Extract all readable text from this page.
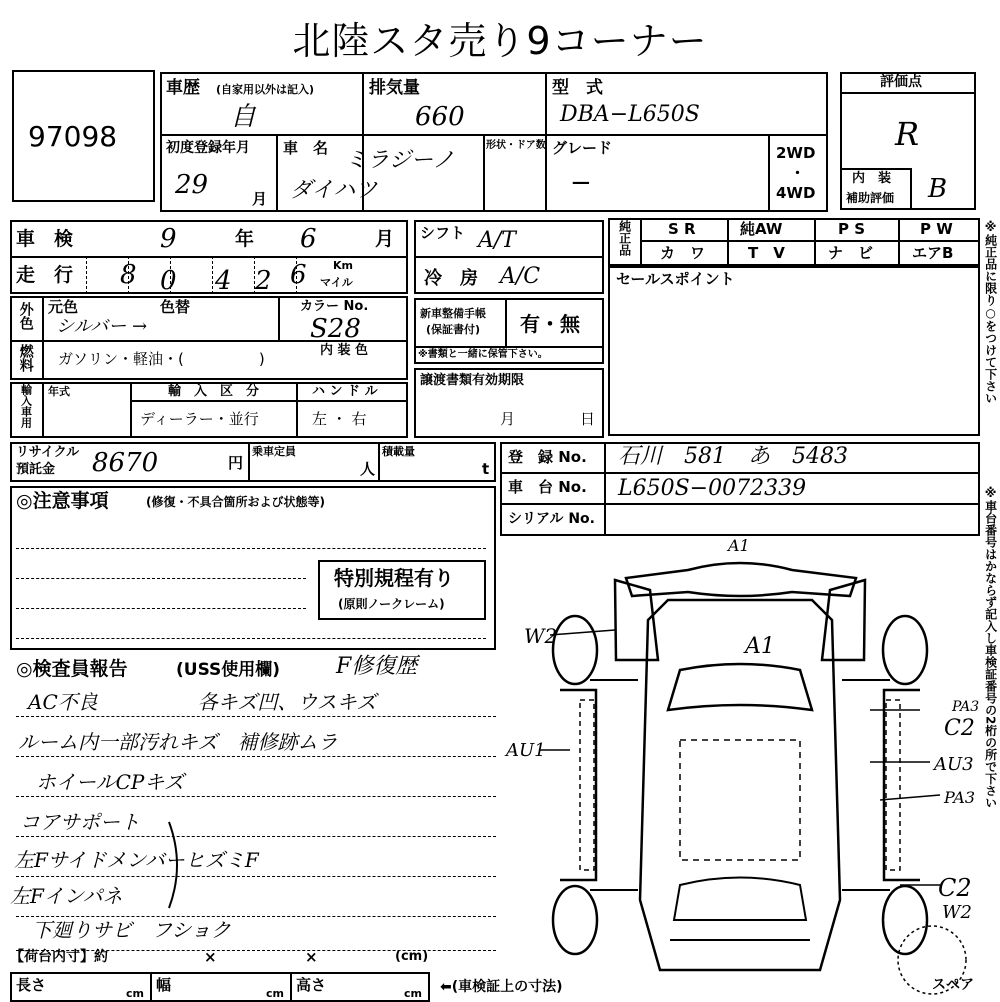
北陸スタ売り9コーナー
97098
車歴 (自家用以外は記入)
自
排気量
660
型　式
DBA−L650S
初度登録年月
29	月
車　名 ミラジーノ
ダイハツ
形状・ドア数 グレード
−
2WD
・
4WD
評価点
R
内　装
補助評価 B
車　検	9	年 6	月
走　行 8 0 4 2 6 Km
マイル
シフト A/T
冷　房 A/C
純正品 S R	純AW	P S	P W
カ　ワ	T　V	ナ　ビ	エアB
セールスポイント
外色 元色	色替
シルバー →
カラー No.
S28
内 装 色
燃料 ガソリン・軽油・(　　　　　)
新車整備手帳
(保証書付) 有・無
※書類と一緒に保管下さい。
輸入車用 年式	輸　入　区　分
ディーラー・並行
ハ ン ド ル
左 ・ 右
譲渡書類有効期限
月	日
リサイクル
預託金 8670	円
乗車定員
人
積載量
t
登　録 No. 石川　581　あ　5483
車　台 No. L650S−0072339
シリアル No.
◎注意事項	(修復・不具合箇所および状態等)
特別規程有り
(原則ノークレーム)
◎検査員報告	(USS使用欄)	F修復歴
AC不良　　　　　各キズ凹、ウスキズ
ルーム内一部汚れキズ　補修跡ムラ
ホイールCPキズ
コアサポート
左FサイドメンバーヒズミF
左Fインパネ
下廻りサビ　フショク
【荷台内寸】約	×	×	(cm)
長さ	cm 幅	cm 高さ	cm ⬅(車検証上の寸法)
A1
A1
W2
AU1
PA3
C2
AU3
PA3
C2
W2
スペア
※純正品に限り○をつけて下さい
※車台番号はかならず記入し車検証番号の2桁の所で下さい
